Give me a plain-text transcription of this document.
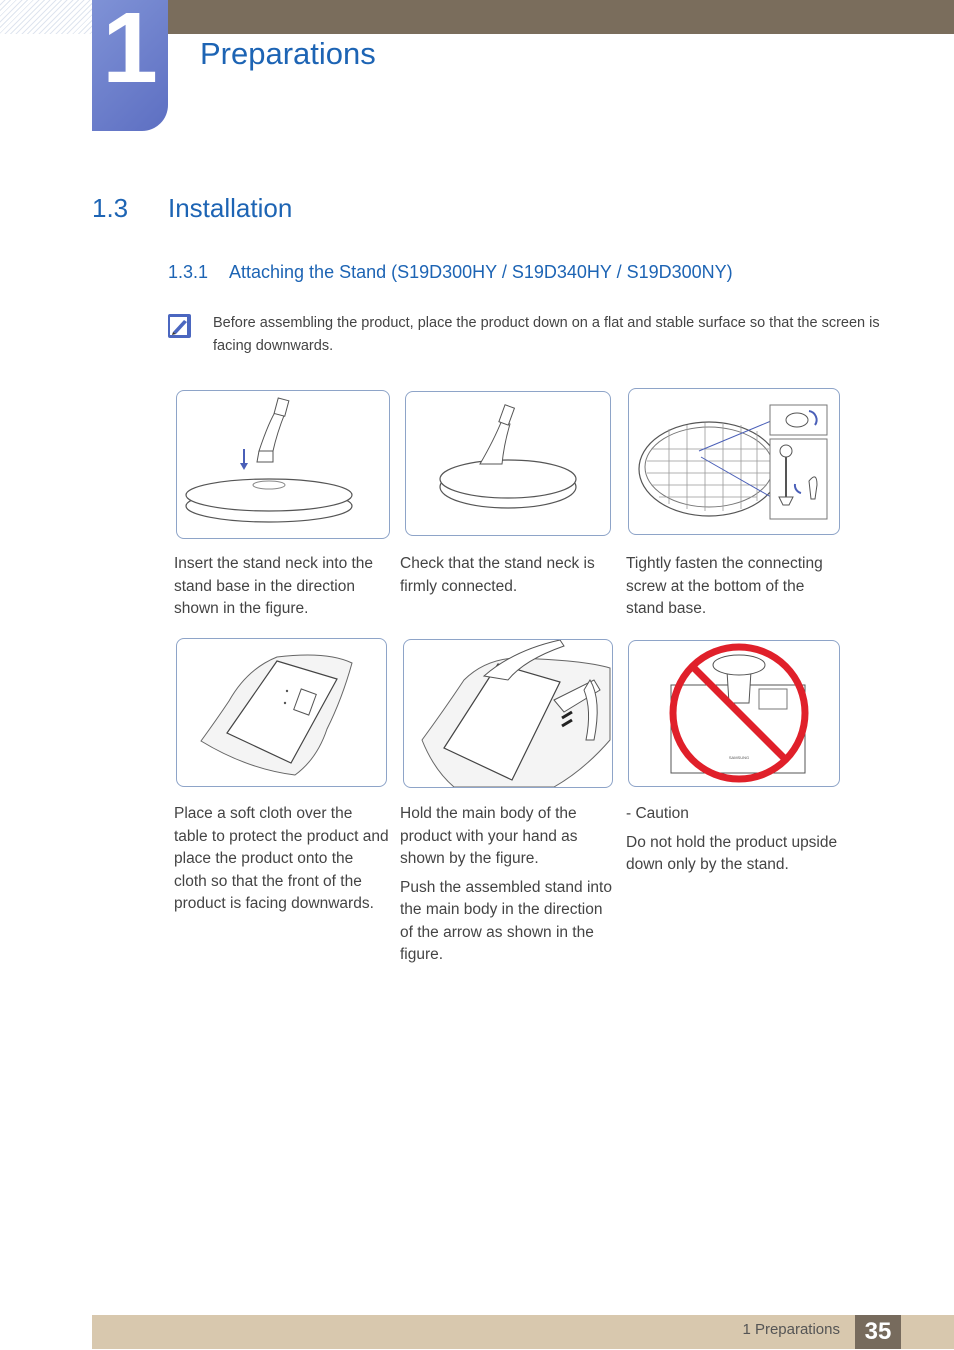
1	Preparations
1.3 Installation
1.3.1 Attaching the Stand (S19D300HY / S19D340HY / S19D300NY)
Before assembling the product, place the product down on a flat and stable surface so that the screen is facing downwards.

Insert the stand neck into the stand base in the direction shown in the figure.

Check that the stand neck is firmly connected.

Tightly fasten the connecting screw at the bottom of the stand base.

SAMSUNG

Place a soft cloth over the table to protect the product and place the product onto the cloth so that the front of the product is facing downwards.

Hold the main body of the product with your hand as shown by the figure.

Push the assembled stand into the main body in the direction of the arrow as shown in the figure.

- Caution

Do not hold the product upside down only by the stand.

1 Preparations	35
